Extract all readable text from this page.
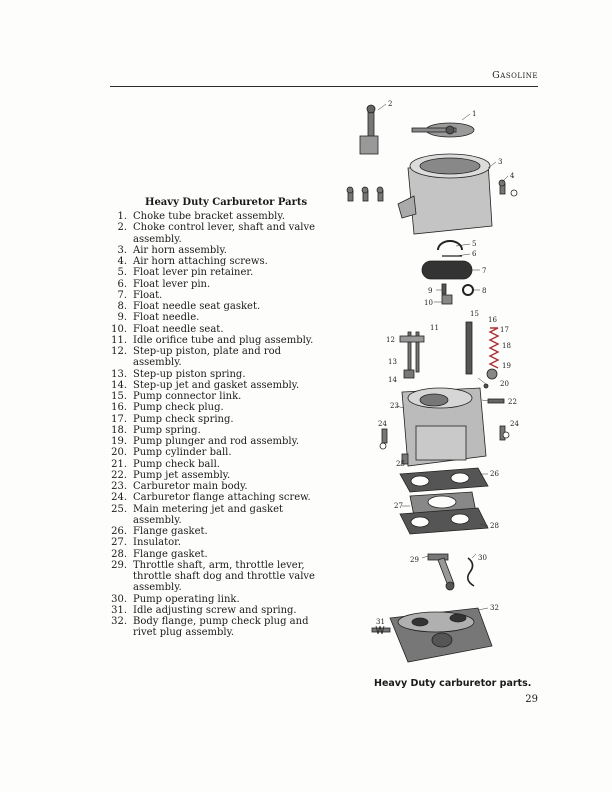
Gasoline
Heavy Duty Carburetor Parts
1. Choke tube bracket assembly.
2. Choke control lever, shaft and valve assembly.
3. Air horn assembly.
4. Air horn attaching screws.
5. Float lever pin retainer.
6. Float lever pin.
7. Float.
8. Float needle seat gasket.
9. Float needle.
10. Float needle seat.
11. Idle orifice tube and plug assembly.
12. Step-up piston, plate and rod assembly.
13. Step-up piston spring.
14. Step-up jet and gasket assembly.
15. Pump connector link.
16. Pump check plug.
17. Pump check spring.
18. Pump spring.
19. Pump plunger and rod assembly.
20. Pump cylinder ball.
21. Pump check ball.
22. Pump jet assembly.
23. Carburetor main body.
24. Carburetor flange attaching screw.
25. Main metering jet and gasket assembly.
26. Flange gasket.
27. Insulator.
28. Flange gasket.
29. Throttle shaft, arm, throttle lever, throttle shaft dog and throttle valve assembly.
30. Pump operating link.
31. Idle adjusting screw and spring.
32. Body flange, pump check plug and rivet plug assembly.
1
2
3
4
5
6
7
8
9
10
11
12
13
14
15
16
17
18
19
20
22
23
24	24
25
26
27
28
29	30
31
32
Heavy Duty carburetor parts.
29
